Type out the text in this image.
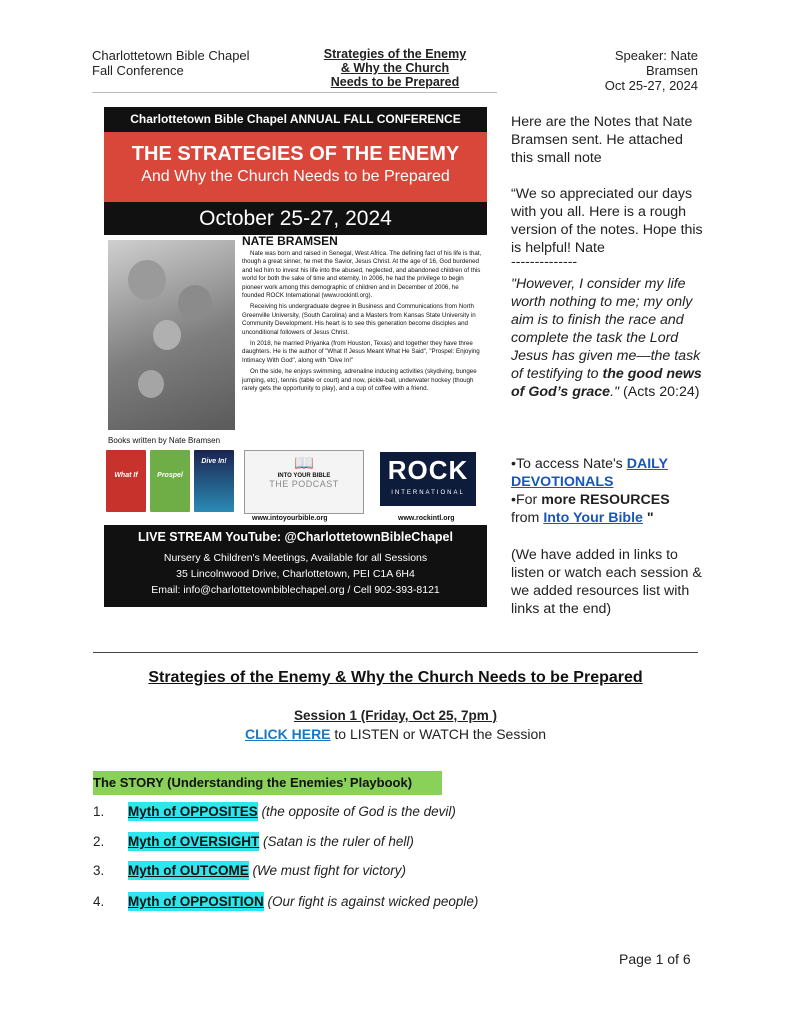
Charlottetown Bible Chapel
Fall Conference
Strategies of the Enemy
& Why the Church
Needs to be Prepared
Speaker: Nate Bramsen
Oct 25-27, 2024
Charlottetown Bible Chapel ANNUAL FALL CONFERENCE
THE STRATEGIES OF THE ENEMY
And Why the Church Needs to be Prepared
October 25-27, 2024
NATE BRAMSEN

Nate was born and raised in Senegal, West Africa. The defining fact of his life is that, though a great sinner, he met the Savior, Jesus Christ. At the age of 16, God burdened and led him to invest his life into the abused, neglected, and abandoned children of this world for both the sake of time and eternity. In 2006, he had the privilege to begin pioneer work among this demographic of children and in December of 2006, he founded ROCK International (www.rockintl.org).

Receiving his undergraduate degree in Business and Communications from North Greenville University, (South Carolina) and a Masters from Kansas State University in Community Development. His heart is to see this generation become disciples and unconditional followers of Jesus Christ.

In 2018, he married Priyanka (from Houston, Texas) and together they have three daughters. He is the author of "What If Jesus Meant What He Said", "Prospel: Enjoying Intimacy With God", along with "Dive In!"

On the side, he enjoys swimming, adrenaline inducing activities (skydiving, bungee jumping, etc), tennis (table or court) and now, pickle-ball, underwater hockey (though rarely gets the opportunity to play), and a cup of coffee with a friend.

Books written by Nate Bramsen
What If	Prospel
Dive In!	📖
INTO YOUR BIBLE
THE PODCAST
www.intoyourbible.org
ROCK
INTERNATIONAL
www.rockintl.org
LIVE STREAM YouTube: @CharlottetownBibleChapel
Nursery & Children's Meetings, Available for all Sessions
35 Lincolnwood Drive, Charlottetown, PEI C1A 6H4
Email: info@charlottetownbiblechapel.org / Cell 902-393-8121
Here are the Notes that Nate Bramsen sent. He attached this small note
“We so appreciated our days with you all. Here is a rough version of the notes. Hope this is helpful! Nate
--------------
"However, I consider my life worth nothing to me; my only aim is to finish the race and complete the task the Lord Jesus has given me—the task of testifying to the good news of God’s grace." (Acts 20:24)
•To access Nate's DAILY DEVOTIONALS
•For more RESOURCES
from Into Your Bible "
(We have added in links to listen or watch each session & we added resources list with links at the end)
Strategies of the Enemy & Why the Church Needs to be Prepared
Session 1 (Friday, Oct 25, 7pm )
CLICK HERE to LISTEN or WATCH the Session
The STORY (Understanding the Enemies’ Playbook)
1. Myth of OPPOSITES (the opposite of God is the devil)
2. Myth of OVERSIGHT (Satan is the ruler of hell)
3. Myth of OUTCOME (We must fight for victory)
4. Myth of OPPOSITION (Our fight is against wicked people)
Page 1 of 6
